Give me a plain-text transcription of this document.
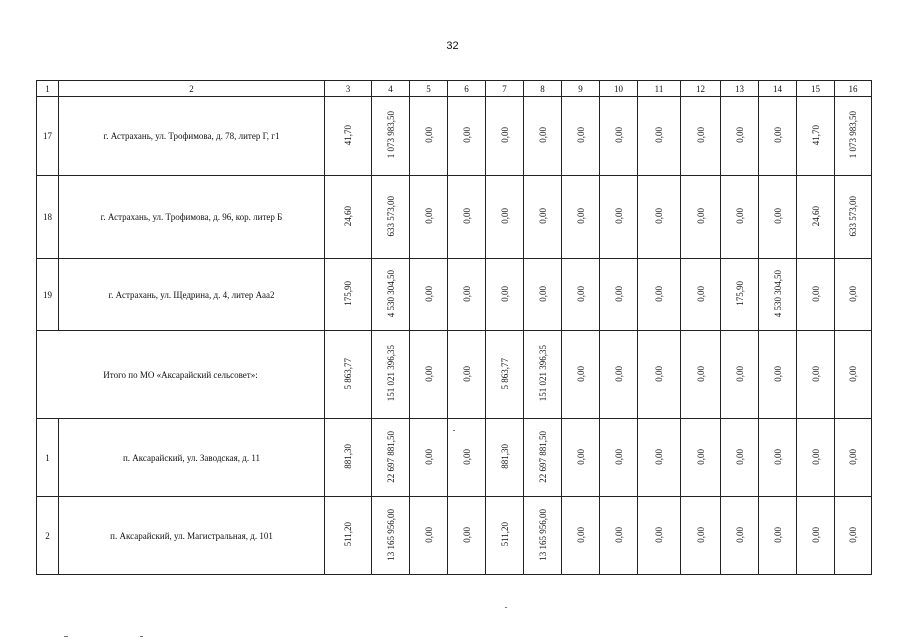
32
1	2	3	4	5	6	7	8	9	10	11	12	13	14	15	16
17	г. Астрахань, ул. Трофимова, д. 78, литер Г, г1	41,70	1 073 983,50	0,00	0,00	0,00	0,00	0,00	0,00	0,00	0,00	0,00	0,00	41,70	1 073 983,50
18	г. Астрахань, ул. Трофимова, д. 96, кор. литер Б	24,60	633 573,00	0,00	0,00	0,00	0,00	0,00	0,00	0,00	0,00	0,00	0,00	24,60	633 573,00
19	г. Астрахань, ул. Щедрина, д. 4, литер Ааа2	175,90	4 530 304,50	0,00	0,00	0,00	0,00	0,00	0,00	0,00	0,00	175,90	4 530 304,50	0,00	0,00
Итого по МО «Аксарайский сельсовет»:		5 863,77	151 021 396,35	0,00	0,00	5 863,77	151 021 396,35	0,00	0,00	0,00	0,00	0,00	0,00	0,00	0,00
1	п. Аксарайский, ул. Заводская, д. 11	881,30	22 697 881,50	0,00	0,00	881,30	22 697 881,50	0,00	0,00	0,00	0,00	0,00	0,00	0,00	0,00
2	п. Аксарайский, ул. Магистральная, д. 101	511,20	13 165 956,00	0,00	0,00	511,20	13 165 956,00	0,00	0,00	0,00	0,00	0,00	0,00	0,00	0,00
